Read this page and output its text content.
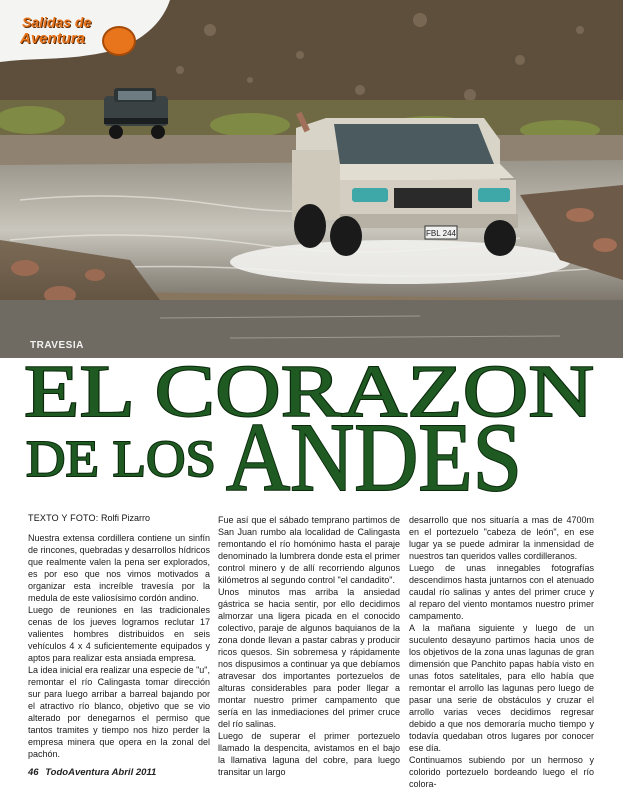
FBL 244
Salidas de
Aventura
TRAVESIA
EL CORAZON
DE LOS ANDES
TEXTO Y FOTO: Rolfi Pizarro

Nuestra extensa cordillera contiene un sinfín de rincones, quebradas y desarrollos hídricos que realmente valen la pena ser explorados, es por eso que nos vimos motivados a organizar esta increíble travesía por la medula de este valiosísimo cordón andino.

Luego de reuniones en las tradicionales cenas de los jueves logramos reclutar 17 valientes hombres distribuidos en seis vehículos 4 x 4 suficientemente equipados y aptos para realizar esta ansiada empresa.

La idea inicial era realizar una especie de "u", remontar el río Calingasta tomar dirección sur para luego arribar a barreal bajando por el atractivo río blanco, objetivo que se vio alterado por denegarnos el permiso que tantos tramites y tiempo nos hizo perder la empresa minera que opera en la zonal del pachón.

Fue así que el sábado temprano partimos de San Juan rumbo ala localidad de Calingasta remontando el río homónimo hasta el paraje denominado la lumbrera donde esta el primer control minero y de allí recorriendo algunos kilómetros al segundo control "el candadito".

Unos minutos mas arriba la ansiedad gástrica se hacia sentir, por ello decidimos almorzar una ligera picada en el conocido colectivo, paraje de algunos baquianos de la zona donde llevan a pastar cabras y producir ricos quesos. Sin sobremesa y rápidamente nos dispusimos a continuar ya que debíamos atravesar dos importantes portezuelos de alturas considerables para poder llegar a montar nuestro primer campamento que sería en las inmediaciones del primer cruce del río salinas.

Luego de superar el primer portezuelo llamado la despencita, avistamos en el bajo la llamativa laguna del cobre, para luego transitar un largo

desarrollo que nos situaría a mas de 4700m en el portezuelo "cabeza de león", en ese lugar ya se puede admirar la inmensidad de nuestros tan queridos valles cordilleranos.

Luego de unas innegables fotografías descendimos hasta juntarnos con el atenuado caudal río salinas y antes del primer cruce y al reparo del viento montamos nuestro primer campamento.

A la mañana siguiente y luego de un suculento desayuno partimos hacia unos de los objetivos de la zona unas lagunas de gran dimensión que Panchito papas había visto en unas fotos satelitales, para ello había que remontar el arrollo las lagunas pero luego de pasar una serie de obstáculos y cruzar el arrollo varias veces decidimos regresar debido a que nos demoraría mucho tiempo y todavía quedaban otros lugares por conocer ese día.

Continuamos subiendo por un hermoso y colorido portezuelo bordeando luego el río colora-

46 TodoAventura Abril 2011
